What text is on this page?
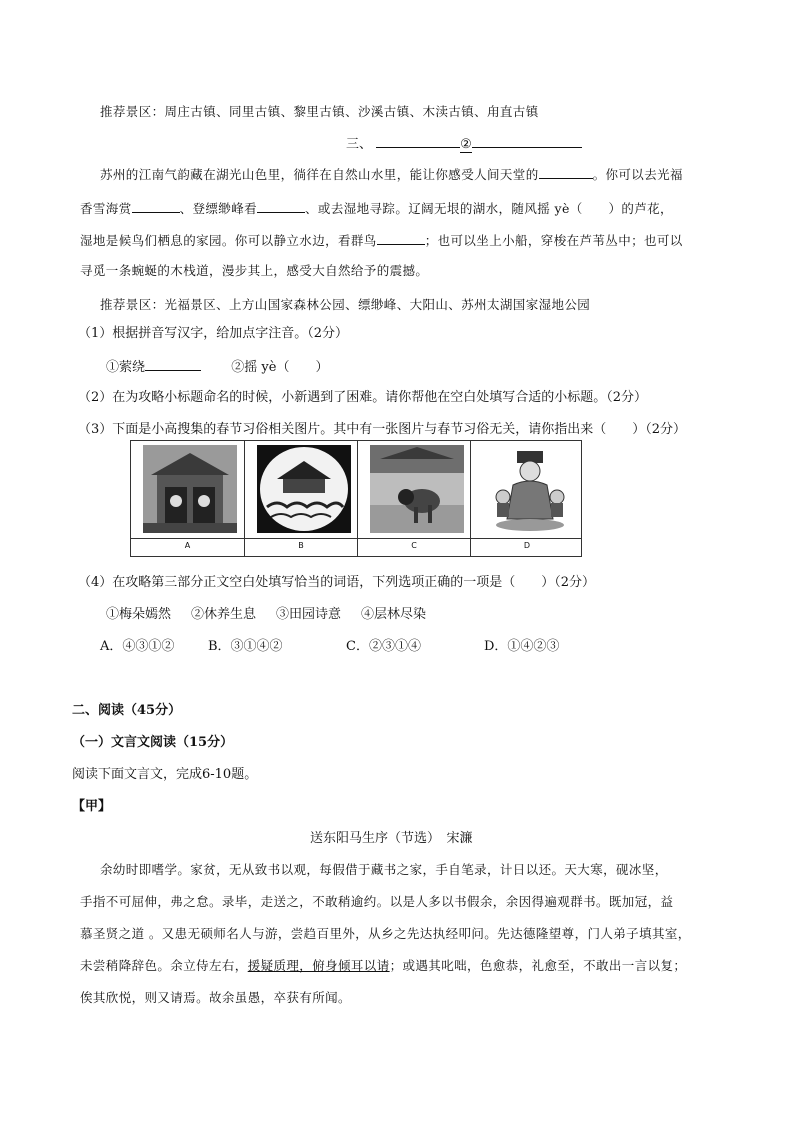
推荐景区：周庄古镇、同里古镇、黎里古镇、沙溪古镇、木渎古镇、甪直古镇
三、	②
苏州的江南气韵藏在湖光山色里，徜徉在自然山水里，能让你感受人间天堂的	。你可以去光福
香雪海赏	、登缥缈峰看	、或去湿地寻踪。辽阔无垠的湖水，随风摇 yè（　　）的芦花，
湿地是候鸟们栖息的家园。你可以静立水边，看群鸟	；也可以坐上小船，穿梭在芦苇丛中；也可以
寻觅一条蜿蜒的木栈道，漫步其上，感受大自然给予的震撼。
推荐景区：光福景区、上方山国家森林公园、缥缈峰、大阳山、苏州太湖国家湿地公园
（1）根据拼音写汉字，给加点字注音。（2分）
①萦绕	②摇 yè（　　）
（2）在为攻略小标题命名的时候，小新遇到了困难。请你帮他在空白处填写合适的小标题。（2分）
（3）下面是小高搜集的春节习俗相关图片。其中有一张图片与春节习俗无关，请你指出来（　　）（2分）
A	B	C	D
（4）在攻略第三部分正文空白处填写恰当的词语，下列选项正确的一项是（　　）（2分）
①梅朵嫣然 ②休养生息 ③田园诗意 ④层林尽染
A．④③①②	B．③①④②	C．②③①④	D．①④②③
二、阅读（45分）
（一）文言文阅读（15分）
阅读下面文言文，完成6-10题。
【甲】
送东阳马生序（节选）　宋濂
余幼时即嗜学。家贫，无从致书以观，每假借于藏书之家，手自笔录，计日以还。天大寒，砚冰坚，
手指不可屈伸，弗之怠。录毕，走送之，不敢稍逾约。以是人多以书假余，余因得遍观群书。既加冠，益
慕圣贤之道 。又患无硕师名人与游，尝趋百里外，从乡之先达执经叩问。先达德隆望尊，门人弟子填其室，
未尝稍降辞色。余立侍左右，援疑质理，俯身倾耳以请；或遇其叱咄，色愈恭，礼愈至，不敢出一言以复；
俟其欣悦，则又请焉。故余虽愚，卒获有所闻。
